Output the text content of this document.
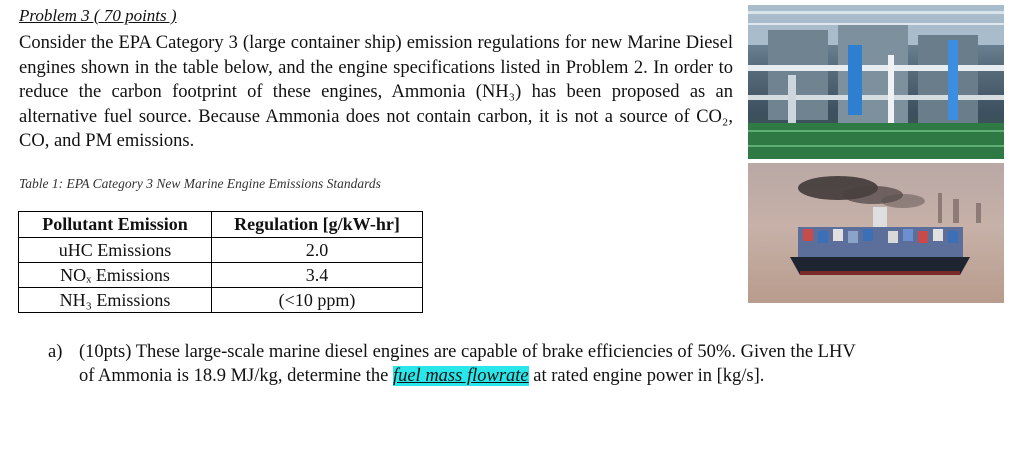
Problem 3 ( 70 points )
Consider the EPA Category 3 (large container ship) emission regulations for new Marine Diesel engines shown in the table below, and the engine specifications listed in Problem 2. In order to reduce the carbon footprint of these engines, Ammonia (NH₃) has been proposed as an alternative fuel source. Because Ammonia does not contain carbon, it is not a source of CO₂, CO, and PM emissions.
Table 1: EPA Category 3 New Marine Engine Emissions Standards
Pollutant Emission	Regulation [g/kW-hr]
uHC Emissions	2.0
NOₓ Emissions	3.4
NH₃ Emissions	(<10 ppm)
a) (10pts) These large-scale marine diesel engines are capable of brake efficiencies of 50%. Given the LHV
of Ammonia is 18.9 MJ/kg, determine the fuel mass flowrate at rated engine power in [kg/s].
